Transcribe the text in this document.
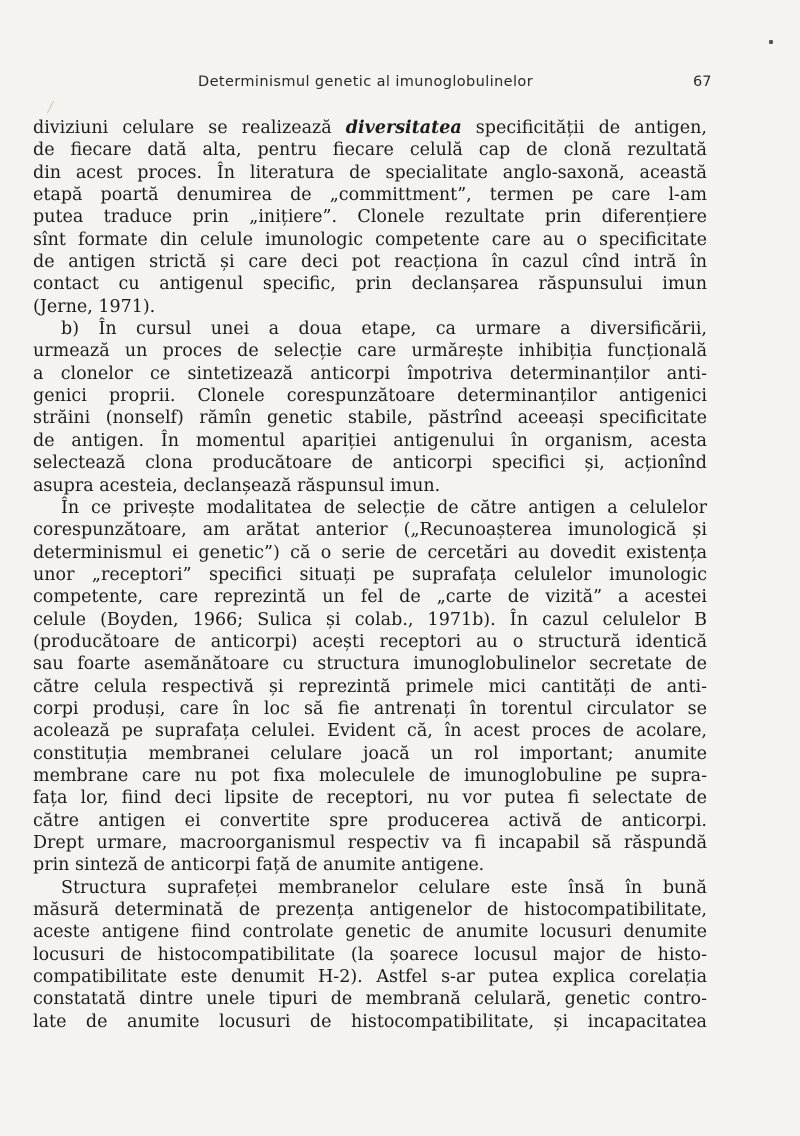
Determinismul genetic al imunoglobulinelor	67
diviziuni celulare se realizează diversitatea specificității de antigen,
de fiecare dată alta, pentru fiecare celulă cap de clonă rezultată
din acest proces. În literatura de specialitate anglo-saxonă, această
etapă poartă denumirea de „committment”, termen pe care l-am
putea traduce prin „inițiere”. Clonele rezultate prin diferențiere
sînt formate din celule imunologic competente care au o specificitate
de antigen strictă și care deci pot reacționa în cazul cînd intră în
contact cu antigenul specific, prin declanșarea răspunsului imun
(Jerne, 1971).
b) În cursul unei a doua etape, ca urmare a diversificării,
urmează un proces de selecție care urmărește inhibiția funcțională
a clonelor ce sintetizează anticorpi împotriva determinanților anti-
genici proprii. Clonele corespunzătoare determinanților antigenici
străini (nonself) rămîn genetic stabile, păstrînd aceeași specificitate
de antigen. În momentul apariției antigenului în organism, acesta
selectează clona producătoare de anticorpi specifici și, acționînd
asupra acesteia, declanșează răspunsul imun.
În ce privește modalitatea de selecție de către antigen a celulelor
corespunzătoare, am arătat anterior („Recunoașterea imunologică și
determinismul ei genetic”) că o serie de cercetări au dovedit existența
unor „receptori” specifici situați pe suprafața celulelor imunologic
competente, care reprezintă un fel de „carte de vizită” a acestei
celule (Boyden, 1966; Sulica și colab., 1971b). În cazul celulelor B
(producătoare de anticorpi) acești receptori au o structură identică
sau foarte asemănătoare cu structura imunoglobulinelor secretate de
către celula respectivă și reprezintă primele mici cantități de anti-
corpi produși, care în loc să fie antrenați în torentul circulator se
acolează pe suprafața celulei. Evident că, în acest proces de acolare,
constituția membranei celulare joacă un rol important; anumite
membrane care nu pot fixa moleculele de imunoglobuline pe supra-
fața lor, fiind deci lipsite de receptori, nu vor putea fi selectate de
către antigen ei convertite spre producerea activă de anticorpi.
Drept urmare, macroorganismul respectiv va fi incapabil să răspundă
prin sinteză de anticorpi față de anumite antigene.
Structura suprafeței membranelor celulare este însă în bună
măsură determinată de prezența antigenelor de histocompatibilitate,
aceste antigene fiind controlate genetic de anumite locusuri denumite
locusuri de histocompatibilitate (la șoarece locusul major de histo-
compatibilitate este denumit H-2). Astfel s-ar putea explica corelația
constatată dintre unele tipuri de membrană celulară, genetic contro-
late de anumite locusuri de histocompatibilitate, și incapacitatea
